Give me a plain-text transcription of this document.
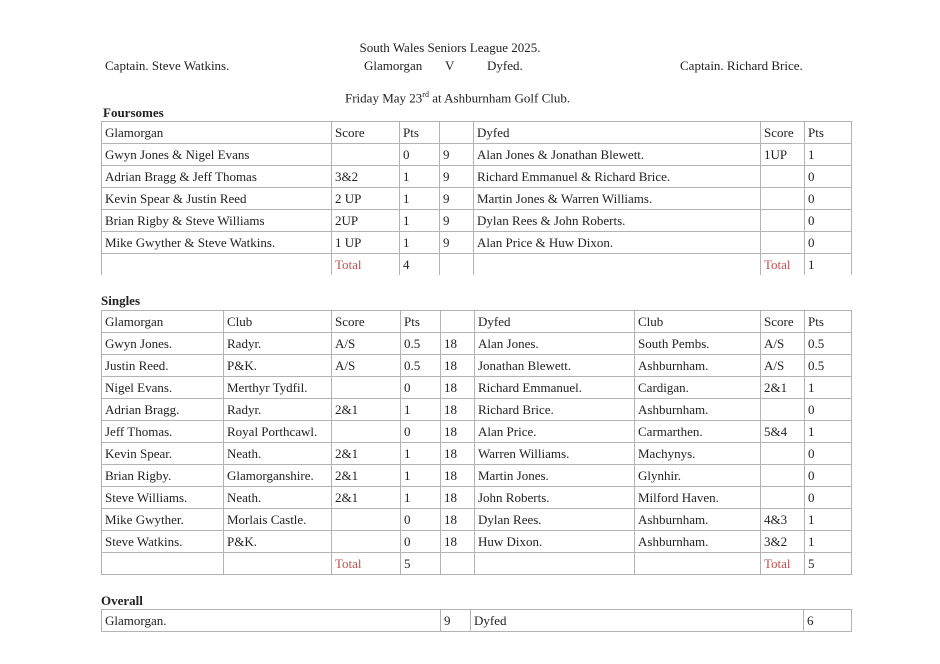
South Wales Seniors League 2025.
Captain. Steve Watkins.	Glamorgan V	Dyfed.	Captain. Richard Brice.
Friday May 23rd at Ashburnham Golf Club.
Foursomes
Glamorgan	Score	Pts		Dyfed	Score	Pts
Gwyn Jones & Nigel Evans		0	9	Alan Jones & Jonathan Blewett.	1UP	1
Adrian Bragg & Jeff Thomas	3&2	1	9	Richard Emmanuel & Richard Brice.		0
Kevin Spear & Justin Reed	2 UP	1	9	Martin Jones & Warren Williams.		0
Brian Rigby & Steve Williams	2UP	1	9	Dylan Rees & John Roberts.		0
Mike Gwyther & Steve Watkins.	1 UP	1	9	Alan Price & Huw Dixon.		0
	Total	4			Total	1
Singles
Glamorgan	Club	Score	Pts		Dyfed	Club	Score	Pts
Gwyn Jones.	Radyr.	A/S	0.5	18	Alan Jones.	South Pembs.	A/S	0.5
Justin Reed.	P&K.	A/S	0.5	18	Jonathan Blewett.	Ashburnham.	A/S	0.5
Nigel Evans.	Merthyr Tydfil.		0	18	Richard Emmanuel.	Cardigan.	2&1	1
Adrian Bragg.	Radyr.	2&1	1	18	Richard Brice.	Ashburnham.		0
Jeff Thomas.	Royal Porthcawl.		0	18	Alan Price.	Carmarthen.	5&4	1
Kevin Spear.	Neath.	2&1	1	18	Warren Williams.	Machynys.		0
Brian Rigby.	Glamorganshire.	2&1	1	18	Martin Jones.	Glynhir.		0
Steve Williams.	Neath.	2&1	1	18	John Roberts.	Milford Haven.		0
Mike Gwyther.	Morlais Castle.		0	18	Dylan Rees.	Ashburnham.	4&3	1
Steve Watkins.	P&K.		0	18	Huw Dixon.	Ashburnham.	3&2	1
		Total	5				Total	5
Overall
Glamorgan.	9	Dyfed	6
